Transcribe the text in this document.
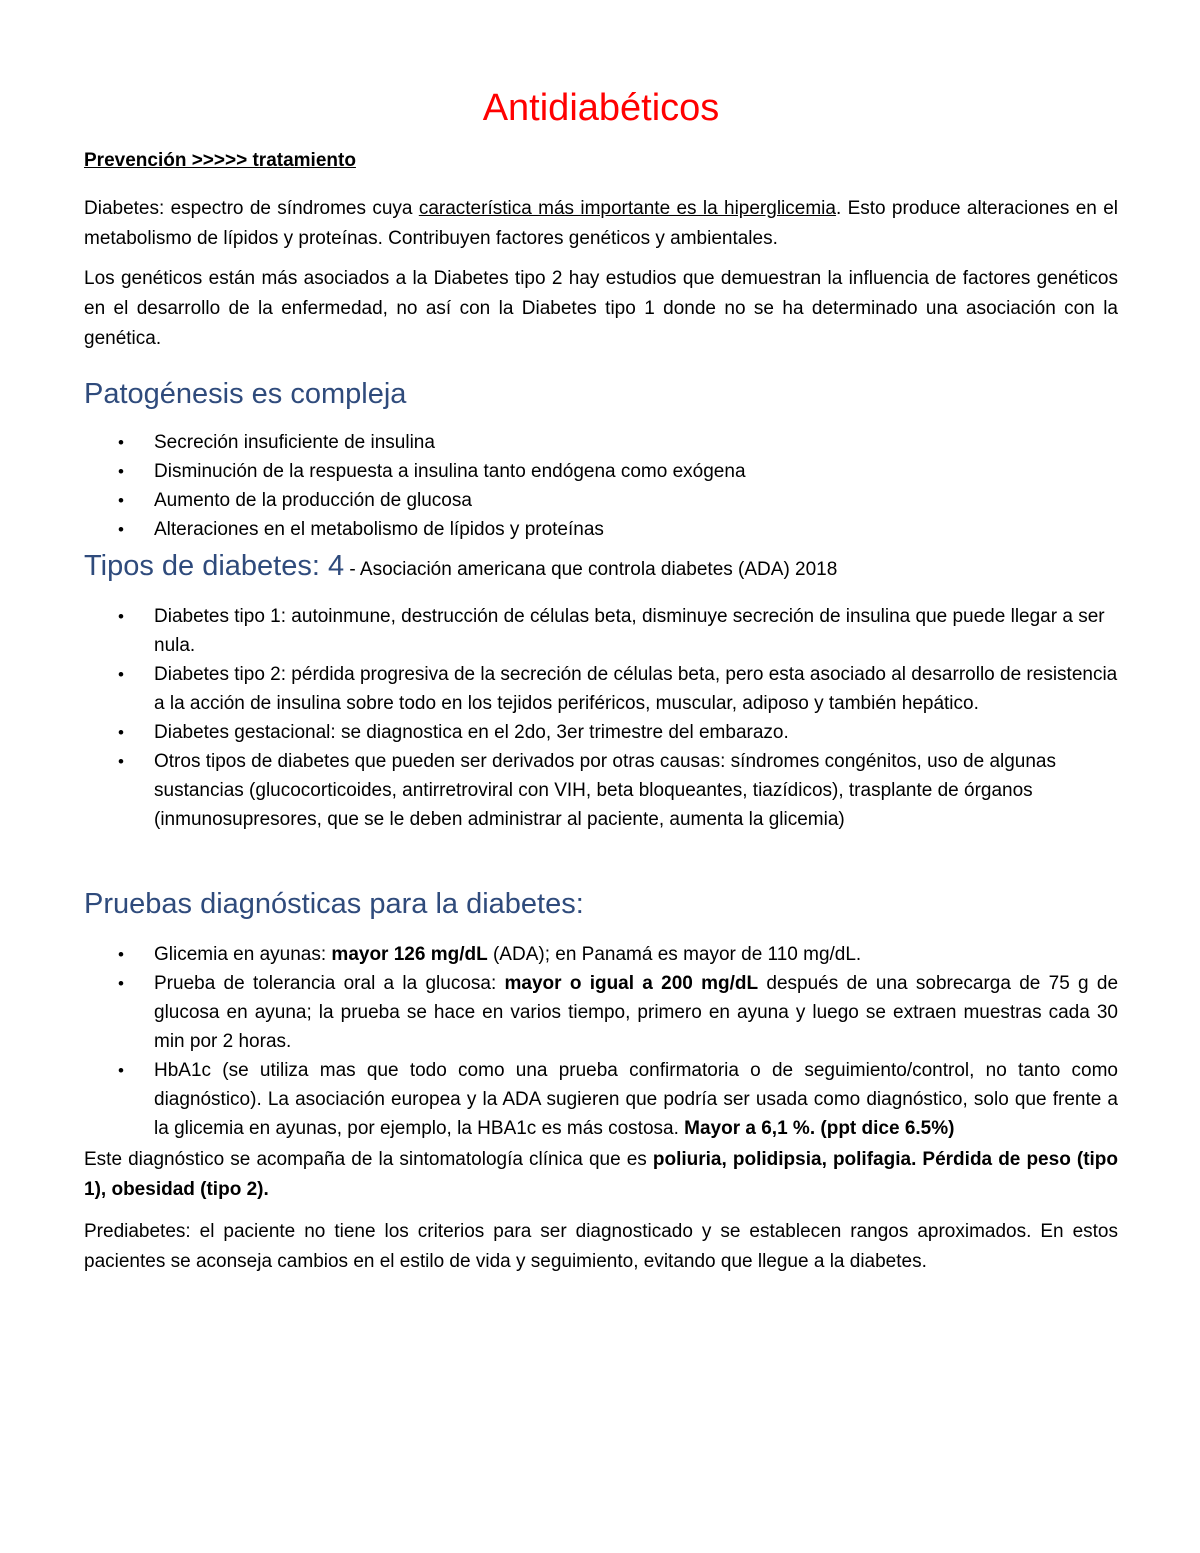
Antidiabéticos
Prevención >>>>> tratamiento

Diabetes: espectro de síndromes cuya característica más importante es la hiperglicemia. Esto produce alteraciones en el metabolismo de lípidos y proteínas. Contribuyen factores genéticos y ambientales.

Los genéticos están más asociados a la Diabetes tipo 2 hay estudios que demuestran la influencia de factores genéticos en el desarrollo de la enfermedad, no así con la Diabetes tipo 1 donde no se ha determinado una asociación con la genética.

Patogénesis es compleja
• Secreción insuficiente de insulina
• Disminución de la respuesta a insulina tanto endógena como exógena
• Aumento de la producción de glucosa
• Alteraciones en el metabolismo de lípidos y proteínas
Tipos de diabetes: 4 - Asociación americana que controla diabetes (ADA) 2018
• Diabetes tipo 1: autoinmune, destrucción de células beta, disminuye secreción de insulina que puede llegar a ser nula.
• Diabetes tipo 2: pérdida progresiva de la secreción de células beta, pero esta asociado al desarrollo de resistencia a la acción de insulina sobre todo en los tejidos periféricos, muscular, adiposo y también hepático.
• Diabetes gestacional: se diagnostica en el 2do, 3er trimestre del embarazo.
• Otros tipos de diabetes que pueden ser derivados por otras causas: síndromes congénitos, uso de algunas sustancias (glucocorticoides, antirretroviral con VIH, beta bloqueantes, tiazídicos), trasplante de órganos (inmunosupresores, que se le deben administrar al paciente, aumenta la glicemia)
Pruebas diagnósticas para la diabetes:
• Glicemia en ayunas: mayor 126 mg/dL (ADA); en Panamá es mayor de 110 mg/dL.
• Prueba de tolerancia oral a la glucosa: mayor o igual a 200 mg/dL después de una sobrecarga de 75 g de glucosa en ayuna; la prueba se hace en varios tiempo, primero en ayuna y luego se extraen muestras cada 30 min por 2 horas.
• HbA1c (se utiliza mas que todo como una prueba confirmatoria o de seguimiento/control, no tanto como diagnóstico). La asociación europea y la ADA sugieren que podría ser usada como diagnóstico, solo que frente a la glicemia en ayunas, por ejemplo, la HBA1c es más costosa. Mayor a 6,1 %. (ppt dice 6.5%)

Este diagnóstico se acompaña de la sintomatología clínica que es poliuria, polidipsia, polifagia. Pérdida de peso (tipo 1), obesidad (tipo 2).

Prediabetes: el paciente no tiene los criterios para ser diagnosticado y se establecen rangos aproximados. En estos pacientes se aconseja cambios en el estilo de vida y seguimiento, evitando que llegue a la diabetes.
